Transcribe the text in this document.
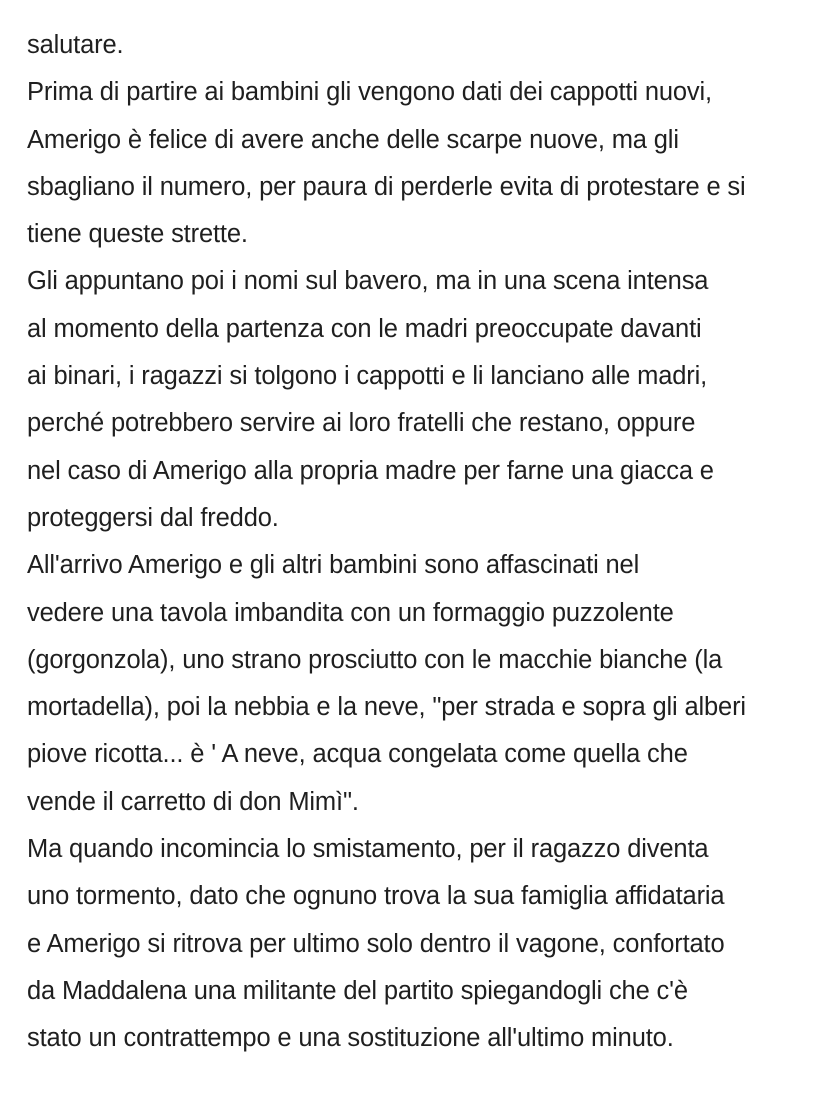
salutare.
Prima di partire ai bambini gli vengono dati dei cappotti nuovi,
Amerigo è felice di avere anche delle scarpe nuove, ma gli
sbagliano il numero, per paura di perderle evita di protestare e si
tiene queste strette.
Gli appuntano poi i nomi sul bavero, ma in una scena intensa
al momento della partenza con le madri preoccupate davanti
ai binari, i ragazzi si tolgono i cappotti e li lanciano alle madri,
perché potrebbero servire ai loro fratelli che restano, oppure
nel caso di Amerigo alla propria madre per farne una giacca e
proteggersi dal freddo.
All'arrivo Amerigo e gli altri bambini sono affascinati nel
vedere una tavola imbandita con un formaggio puzzolente
(gorgonzola), uno strano prosciutto con le macchie bianche (la
mortadella), poi la nebbia e la neve, "per strada e sopra gli alberi
piove ricotta... è ' A neve, acqua congelata come quella che
vende il carretto di don Mimì".
Ma quando incomincia lo smistamento, per il ragazzo diventa
uno tormento, dato che ognuno trova la sua famiglia affidataria
e Amerigo si ritrova per ultimo solo dentro il vagone, confortato
da Maddalena una militante del partito spiegandogli che c'è
stato un contrattempo e una sostituzione all'ultimo minuto.
